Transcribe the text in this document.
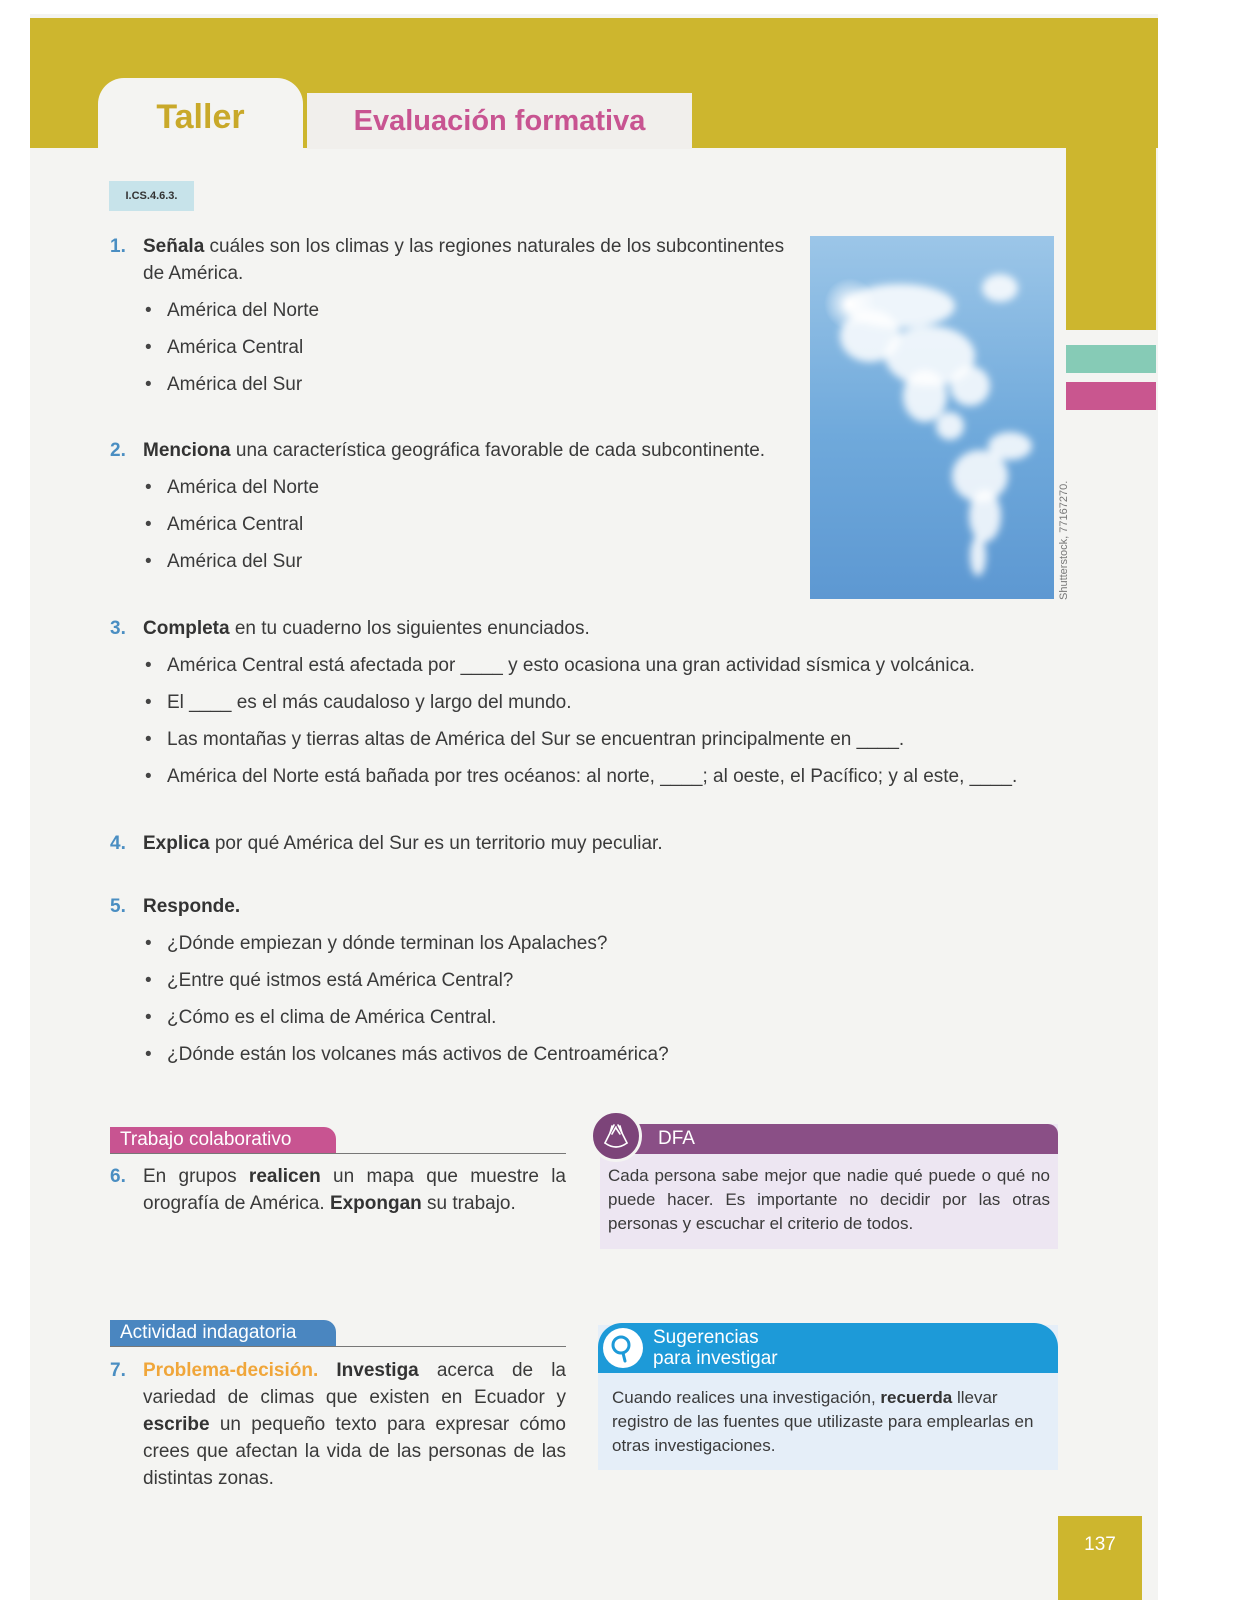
Taller	Evaluación formativa
I.CS.4.6.3.
Shutterstock, 77167270.
1. Señala cuáles son los climas y las regiones naturales de los subcontinentes de América.
• América del Norte
• América Central
• América del Sur
2. Menciona una característica geográfica favorable de cada subcontinente.
• América del Norte
• América Central
• América del Sur
3. Completa en tu cuaderno los siguientes enunciados.
• América Central está afectada por ____ y esto ocasiona una gran actividad sísmica y volcánica.
• El ____ es el más caudaloso y largo del mundo.
• Las montañas y tierras altas de América del Sur se encuentran principalmente en ____.
• América del Norte está bañada por tres océanos: al norte, ____; al oeste, el Pacífico; y al este, ____.
4. Explica por qué América del Sur es un territorio muy peculiar.
5. Responde.
• ¿Dónde empiezan y dónde terminan los Apalaches?
• ¿Entre qué istmos está América Central?
• ¿Cómo es el clima de América Central.
• ¿Dónde están los volcanes más activos de Centroamérica?
Trabajo colaborativo
6. En grupos realicen un mapa que muestre la orografía de América. Expongan su trabajo.
DFA
Cada persona sabe mejor que nadie qué puede o qué no puede hacer. Es importante no decidir por las otras personas y escuchar el criterio de todos.
Actividad indagatoria
7. Problema-decisión. Investiga acerca de la variedad de climas que existen en Ecuador y escribe un pequeño texto para expresar cómo crees que afectan la vida de las personas de las distintas zonas.
Sugerencias
para investigar
Cuando realices una investigación, recuerda llevar registro de las fuentes que utilizaste para emplearlas en otras investigaciones.
137
